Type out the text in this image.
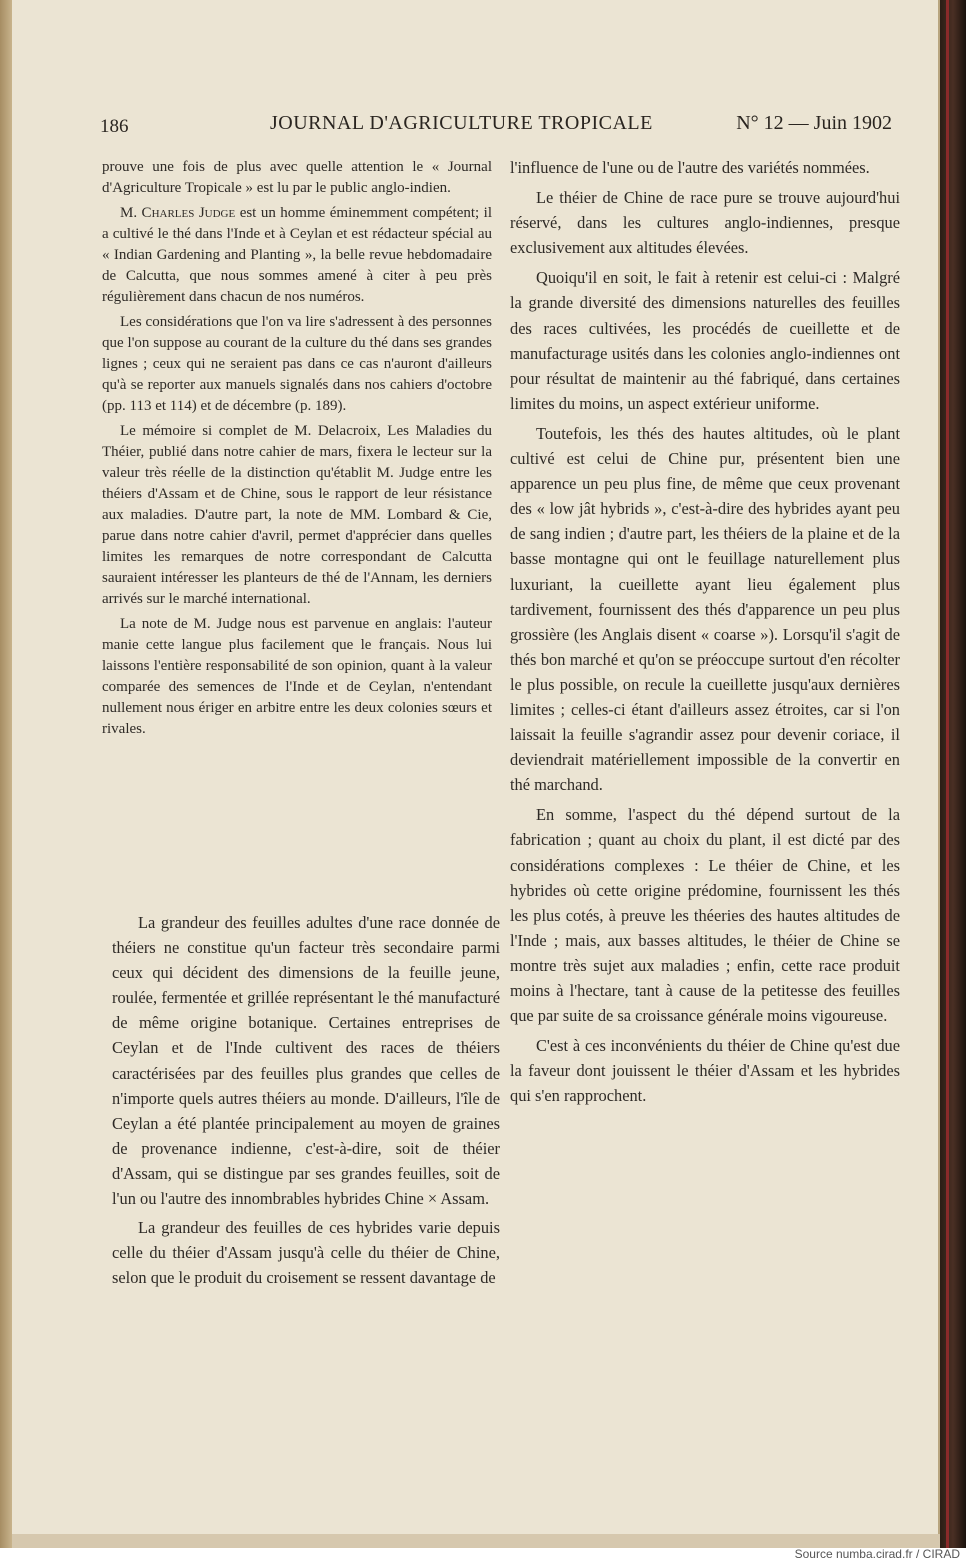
186	JOURNAL D'AGRICULTURE TROPICALE	N° 12 — Juin 1902

prouve une fois de plus avec quelle attention le « Journal d'Agriculture Tropicale » est lu par le public anglo-indien.

M. Charles Judge est un homme éminemment compétent; il a cultivé le thé dans l'Inde et à Ceylan et est rédacteur spécial au « Indian Gardening and Planting », la belle revue hebdomadaire de Calcutta, que nous sommes amené à citer à peu près régulièrement dans chacun de nos numéros.

Les considérations que l'on va lire s'adressent à des personnes que l'on suppose au courant de la culture du thé dans ses grandes lignes ; ceux qui ne seraient pas dans ce cas n'auront d'ailleurs qu'à se reporter aux manuels signalés dans nos cahiers d'octobre (pp. 113 et 114) et de décembre (p. 189).

Le mémoire si complet de M. Delacroix, Les Maladies du Théier, publié dans notre cahier de mars, fixera le lecteur sur la valeur très réelle de la distinction qu'établit M. Judge entre les théiers d'Assam et de Chine, sous le rapport de leur résistance aux maladies. D'autre part, la note de MM. Lombard & Cie, parue dans notre cahier d'avril, permet d'apprécier dans quelles limites les remarques de notre correspondant de Calcutta sauraient intéresser les planteurs de thé de l'Annam, les derniers arrivés sur le marché international.

La note de M. Judge nous est parvenue en anglais: l'auteur manie cette langue plus facilement que le français. Nous lui laissons l'entière responsabilité de son opinion, quant à la valeur comparée des semences de l'Inde et de Ceylan, n'entendant nullement nous ériger en arbitre entre les deux colonies sœurs et rivales.

La grandeur des feuilles adultes d'une race donnée de théiers ne constitue qu'un facteur très secondaire parmi ceux qui décident des dimensions de la feuille jeune, roulée, fermentée et grillée représentant le thé manufacturé de même origine botanique. Certaines entreprises de Ceylan et de l'Inde cultivent des races de théiers caractérisées par des feuilles plus grandes que celles de n'importe quels autres théiers au monde. D'ailleurs, l'île de Ceylan a été plantée principalement au moyen de graines de provenance indienne, c'est-à-dire, soit de théier d'Assam, qui se distingue par ses grandes feuilles, soit de l'un ou l'autre des innombrables hybrides Chine × Assam.

La grandeur des feuilles de ces hybrides varie depuis celle du théier d'Assam jusqu'à celle du théier de Chine, selon que le produit du croisement se ressent davantage de

l'influence de l'une ou de l'autre des variétés nommées.

Le théier de Chine de race pure se trouve aujourd'hui réservé, dans les cultures anglo-indiennes, presque exclusivement aux altitudes élevées.

Quoiqu'il en soit, le fait à retenir est celui-ci : Malgré la grande diversité des dimensions naturelles des feuilles des races cultivées, les procédés de cueillette et de manufacturage usités dans les colonies anglo-indiennes ont pour résultat de maintenir au thé fabriqué, dans certaines limites du moins, un aspect extérieur uniforme.

Toutefois, les thés des hautes altitudes, où le plant cultivé est celui de Chine pur, présentent bien une apparence un peu plus fine, de même que ceux provenant des « low jât hybrids », c'est-à-dire des hybrides ayant peu de sang indien ; d'autre part, les théiers de la plaine et de la basse montagne qui ont le feuillage naturellement plus luxuriant, la cueillette ayant lieu également plus tardivement, fournissent des thés d'apparence un peu plus grossière (les Anglais disent « coarse »). Lorsqu'il s'agit de thés bon marché et qu'on se préoccupe surtout d'en récolter le plus possible, on recule la cueillette jusqu'aux dernières limites ; celles-ci étant d'ailleurs assez étroites, car si l'on laissait la feuille s'agrandir assez pour devenir coriace, il deviendrait matériellement impossible de la convertir en thé marchand.

En somme, l'aspect du thé dépend surtout de la fabrication ; quant au choix du plant, il est dicté par des considérations complexes : Le théier de Chine, et les hybrides où cette origine prédomine, fournissent les thés les plus cotés, à preuve les théeries des hautes altitudes de l'Inde ; mais, aux basses altitudes, le théier de Chine se montre très sujet aux maladies ; enfin, cette race produit moins à l'hectare, tant à cause de la petitesse des feuilles que par suite de sa croissance générale moins vigoureuse.

C'est à ces inconvénients du théier de Chine qu'est due la faveur dont jouissent le théier d'Assam et les hybrides qui s'en rapprochent.

Source numba.cirad.fr / CIRAD
